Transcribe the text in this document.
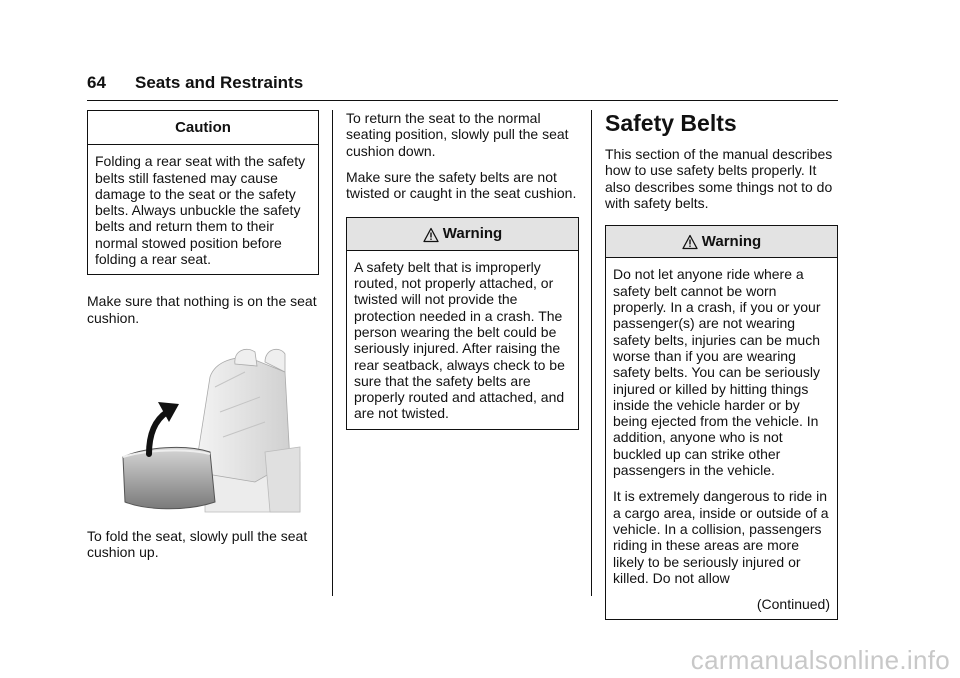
64 Seats and Restraints
Caution

Folding a rear seat with the safety belts still fastened may cause damage to the seat or the safety belts. Always unbuckle the safety belts and return them to their normal stowed position before folding a rear seat.

Make sure that nothing is on the seat cushion.

To fold the seat, slowly pull the seat cushion up.

To return the seat to the normal seating position, slowly pull the seat cushion down.

Make sure the safety belts are not twisted or caught in the seat cushion.

Warning

A safety belt that is improperly routed, not properly attached, or twisted will not provide the protection needed in a crash. The person wearing the belt could be seriously injured. After raising the rear seatback, always check to be sure that the safety belts are properly routed and attached, and are not twisted.

Safety Belts

This section of the manual describes how to use safety belts properly. It also describes some things not to do with safety belts.

Warning

Do not let anyone ride where a safety belt cannot be worn properly. In a crash, if you or your passenger(s) are not wearing safety belts, injuries can be much worse than if you are wearing safety belts. You can be seriously injured or killed by hitting things inside the vehicle harder or by being ejected from the vehicle. In addition, anyone who is not buckled up can strike other passengers in the vehicle.

It is extremely dangerous to ride in a cargo area, inside or outside of a vehicle. In a collision, passengers riding in these areas are more likely to be seriously injured or killed. Do not allow

(Continued)

carmanualsonline.info
